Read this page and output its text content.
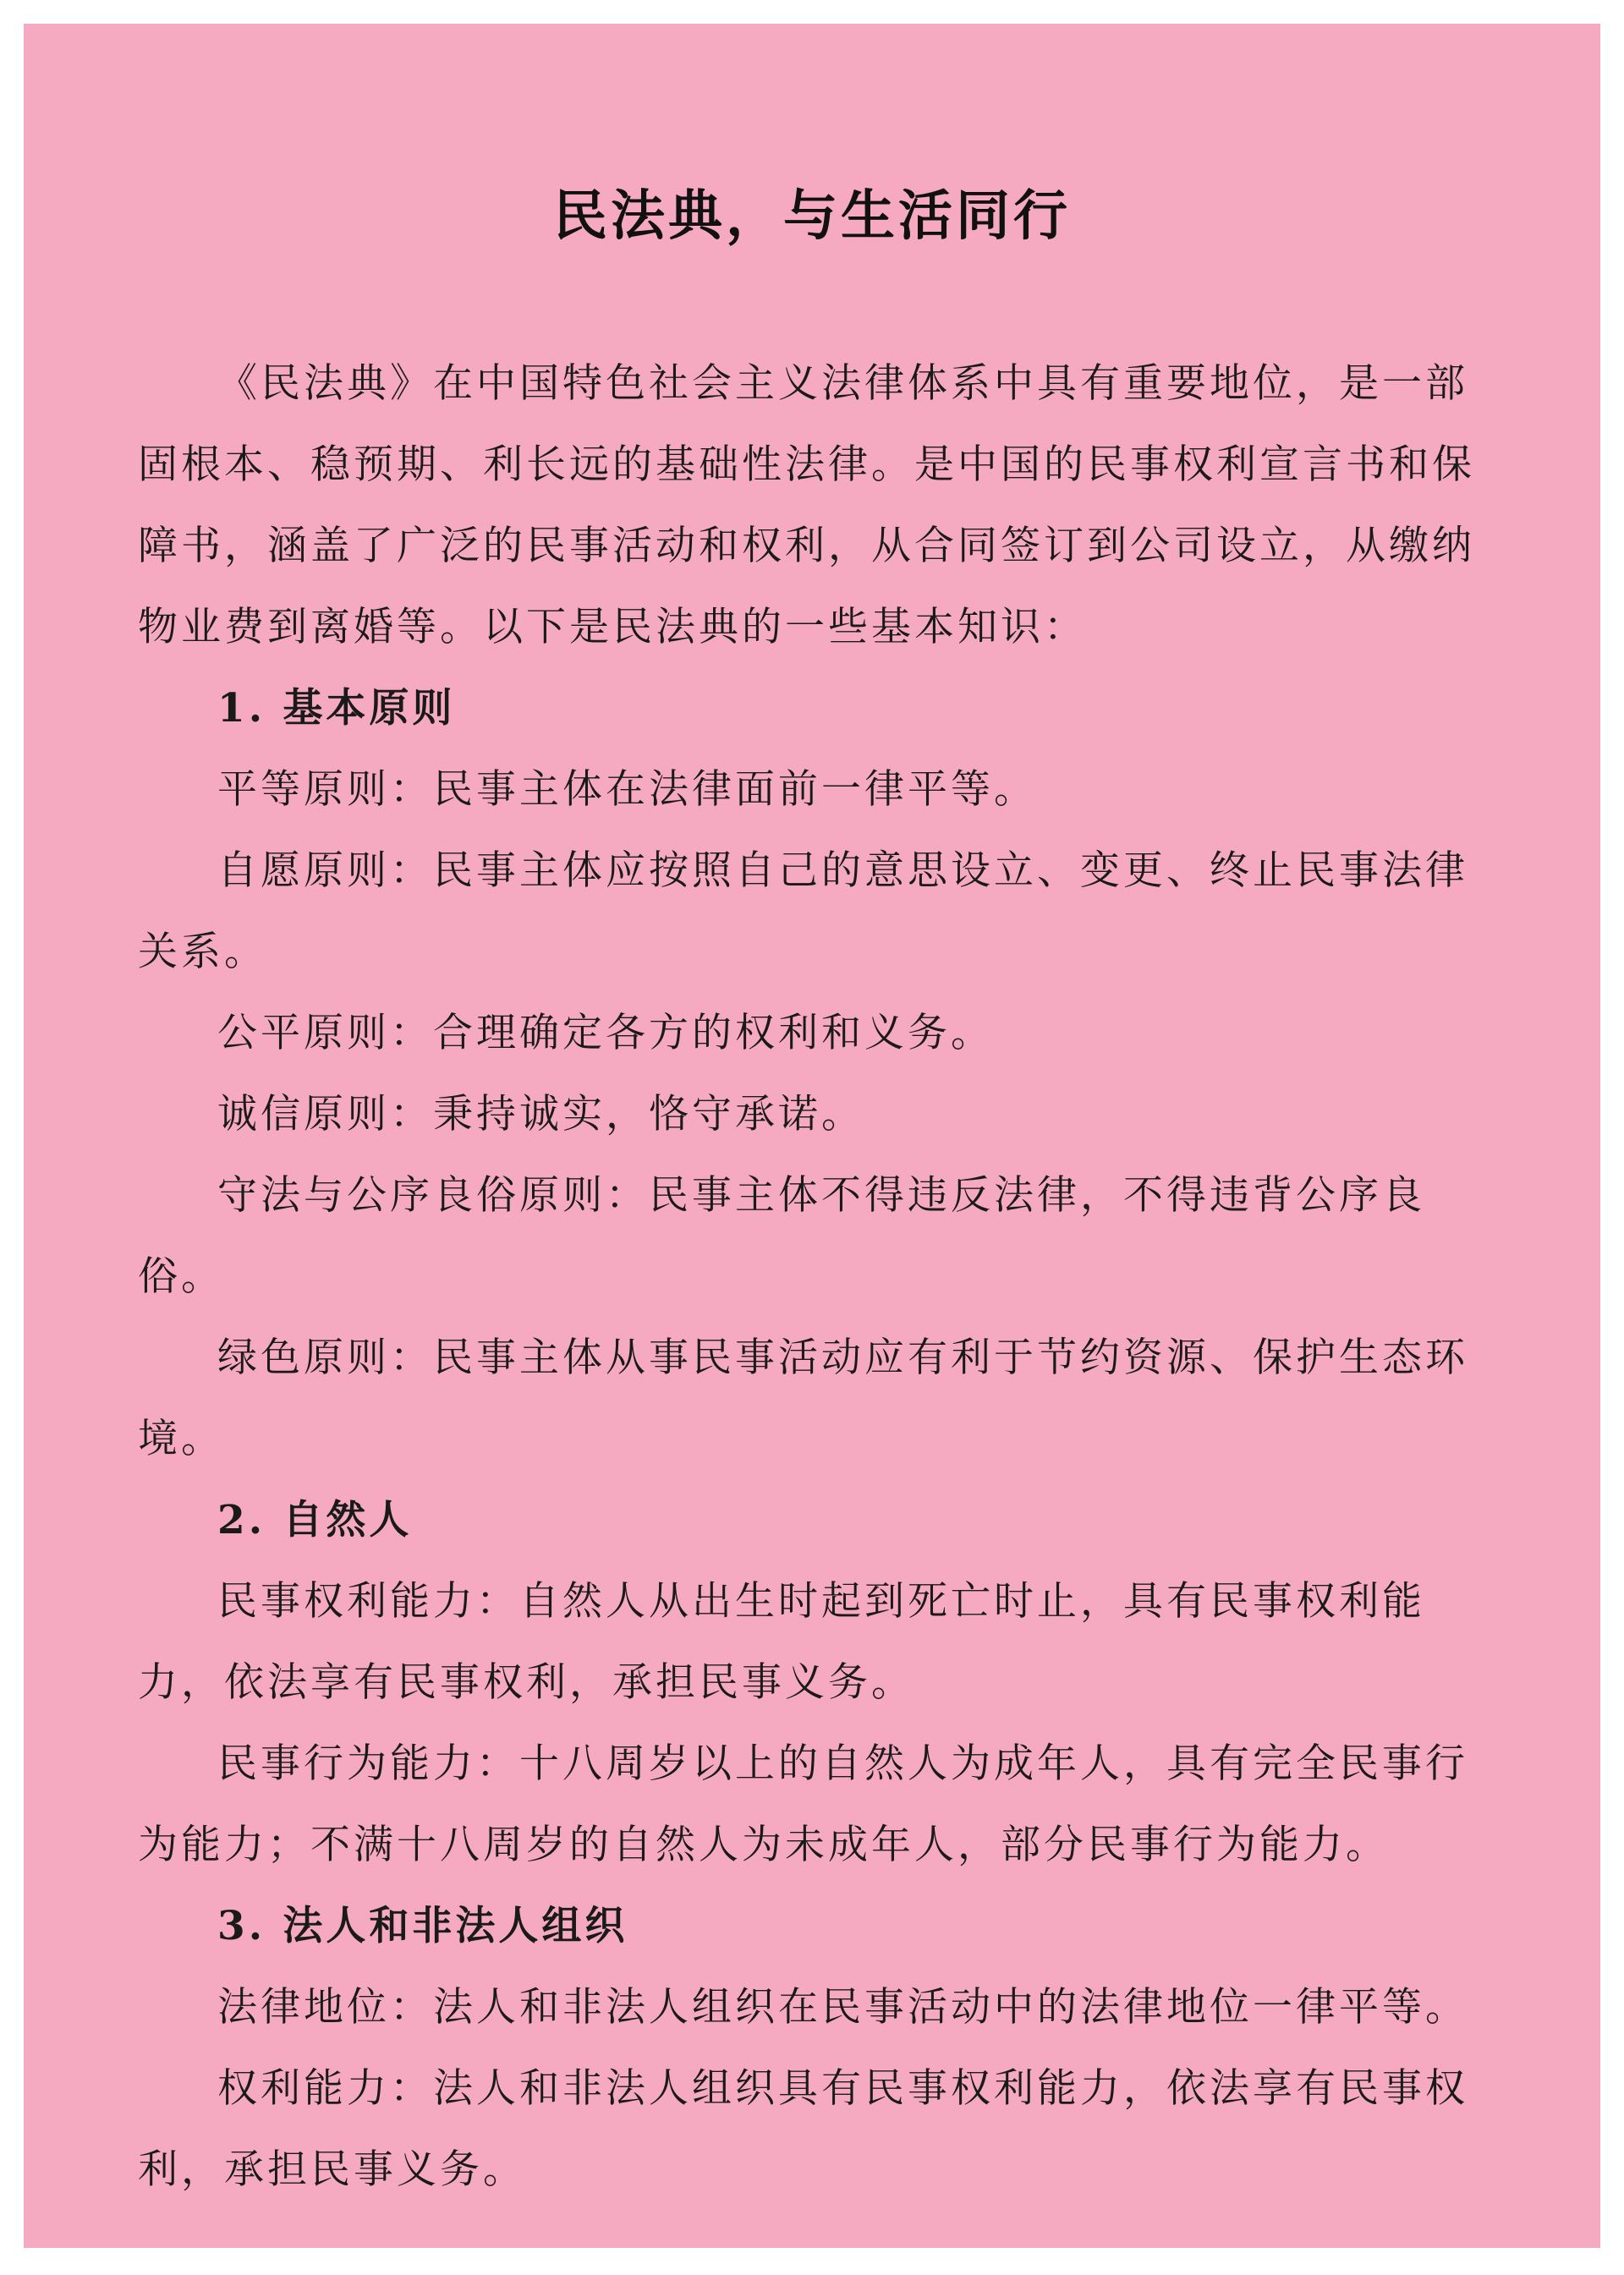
民法典，与生活同行

《民法典》在中国特色社会主义法律体系中具有重要地位，是一部固根本、稳预期、利长远的基础性法律。是中国的民事权利宣言书和保障书，涵盖了广泛的民事活动和权利，从合同签订到公司设立，从缴纳物业费到离婚等。以下是民法典的一些基本知识：

1. 基本原则

平等原则：民事主体在法律面前一律平等。

自愿原则：民事主体应按照自己的意思设立、变更、终止民事法律关系。

公平原则：合理确定各方的权利和义务。

诚信原则：秉持诚实，恪守承诺。

守法与公序良俗原则：民事主体不得违反法律，不得违背公序良俗。

绿色原则：民事主体从事民事活动应有利于节约资源、保护生态环境。

2. 自然人

民事权利能力：自然人从出生时起到死亡时止，具有民事权利能力，依法享有民事权利，承担民事义务。

民事行为能力：十八周岁以上的自然人为成年人，具有完全民事行为能力；不满十八周岁的自然人为未成年人，部分民事行为能力。

3. 法人和非法人组织

法律地位：法人和非法人组织在民事活动中的法律地位一律平等。

权利能力：法人和非法人组织具有民事权利能力，依法享有民事权利，承担民事义务。
